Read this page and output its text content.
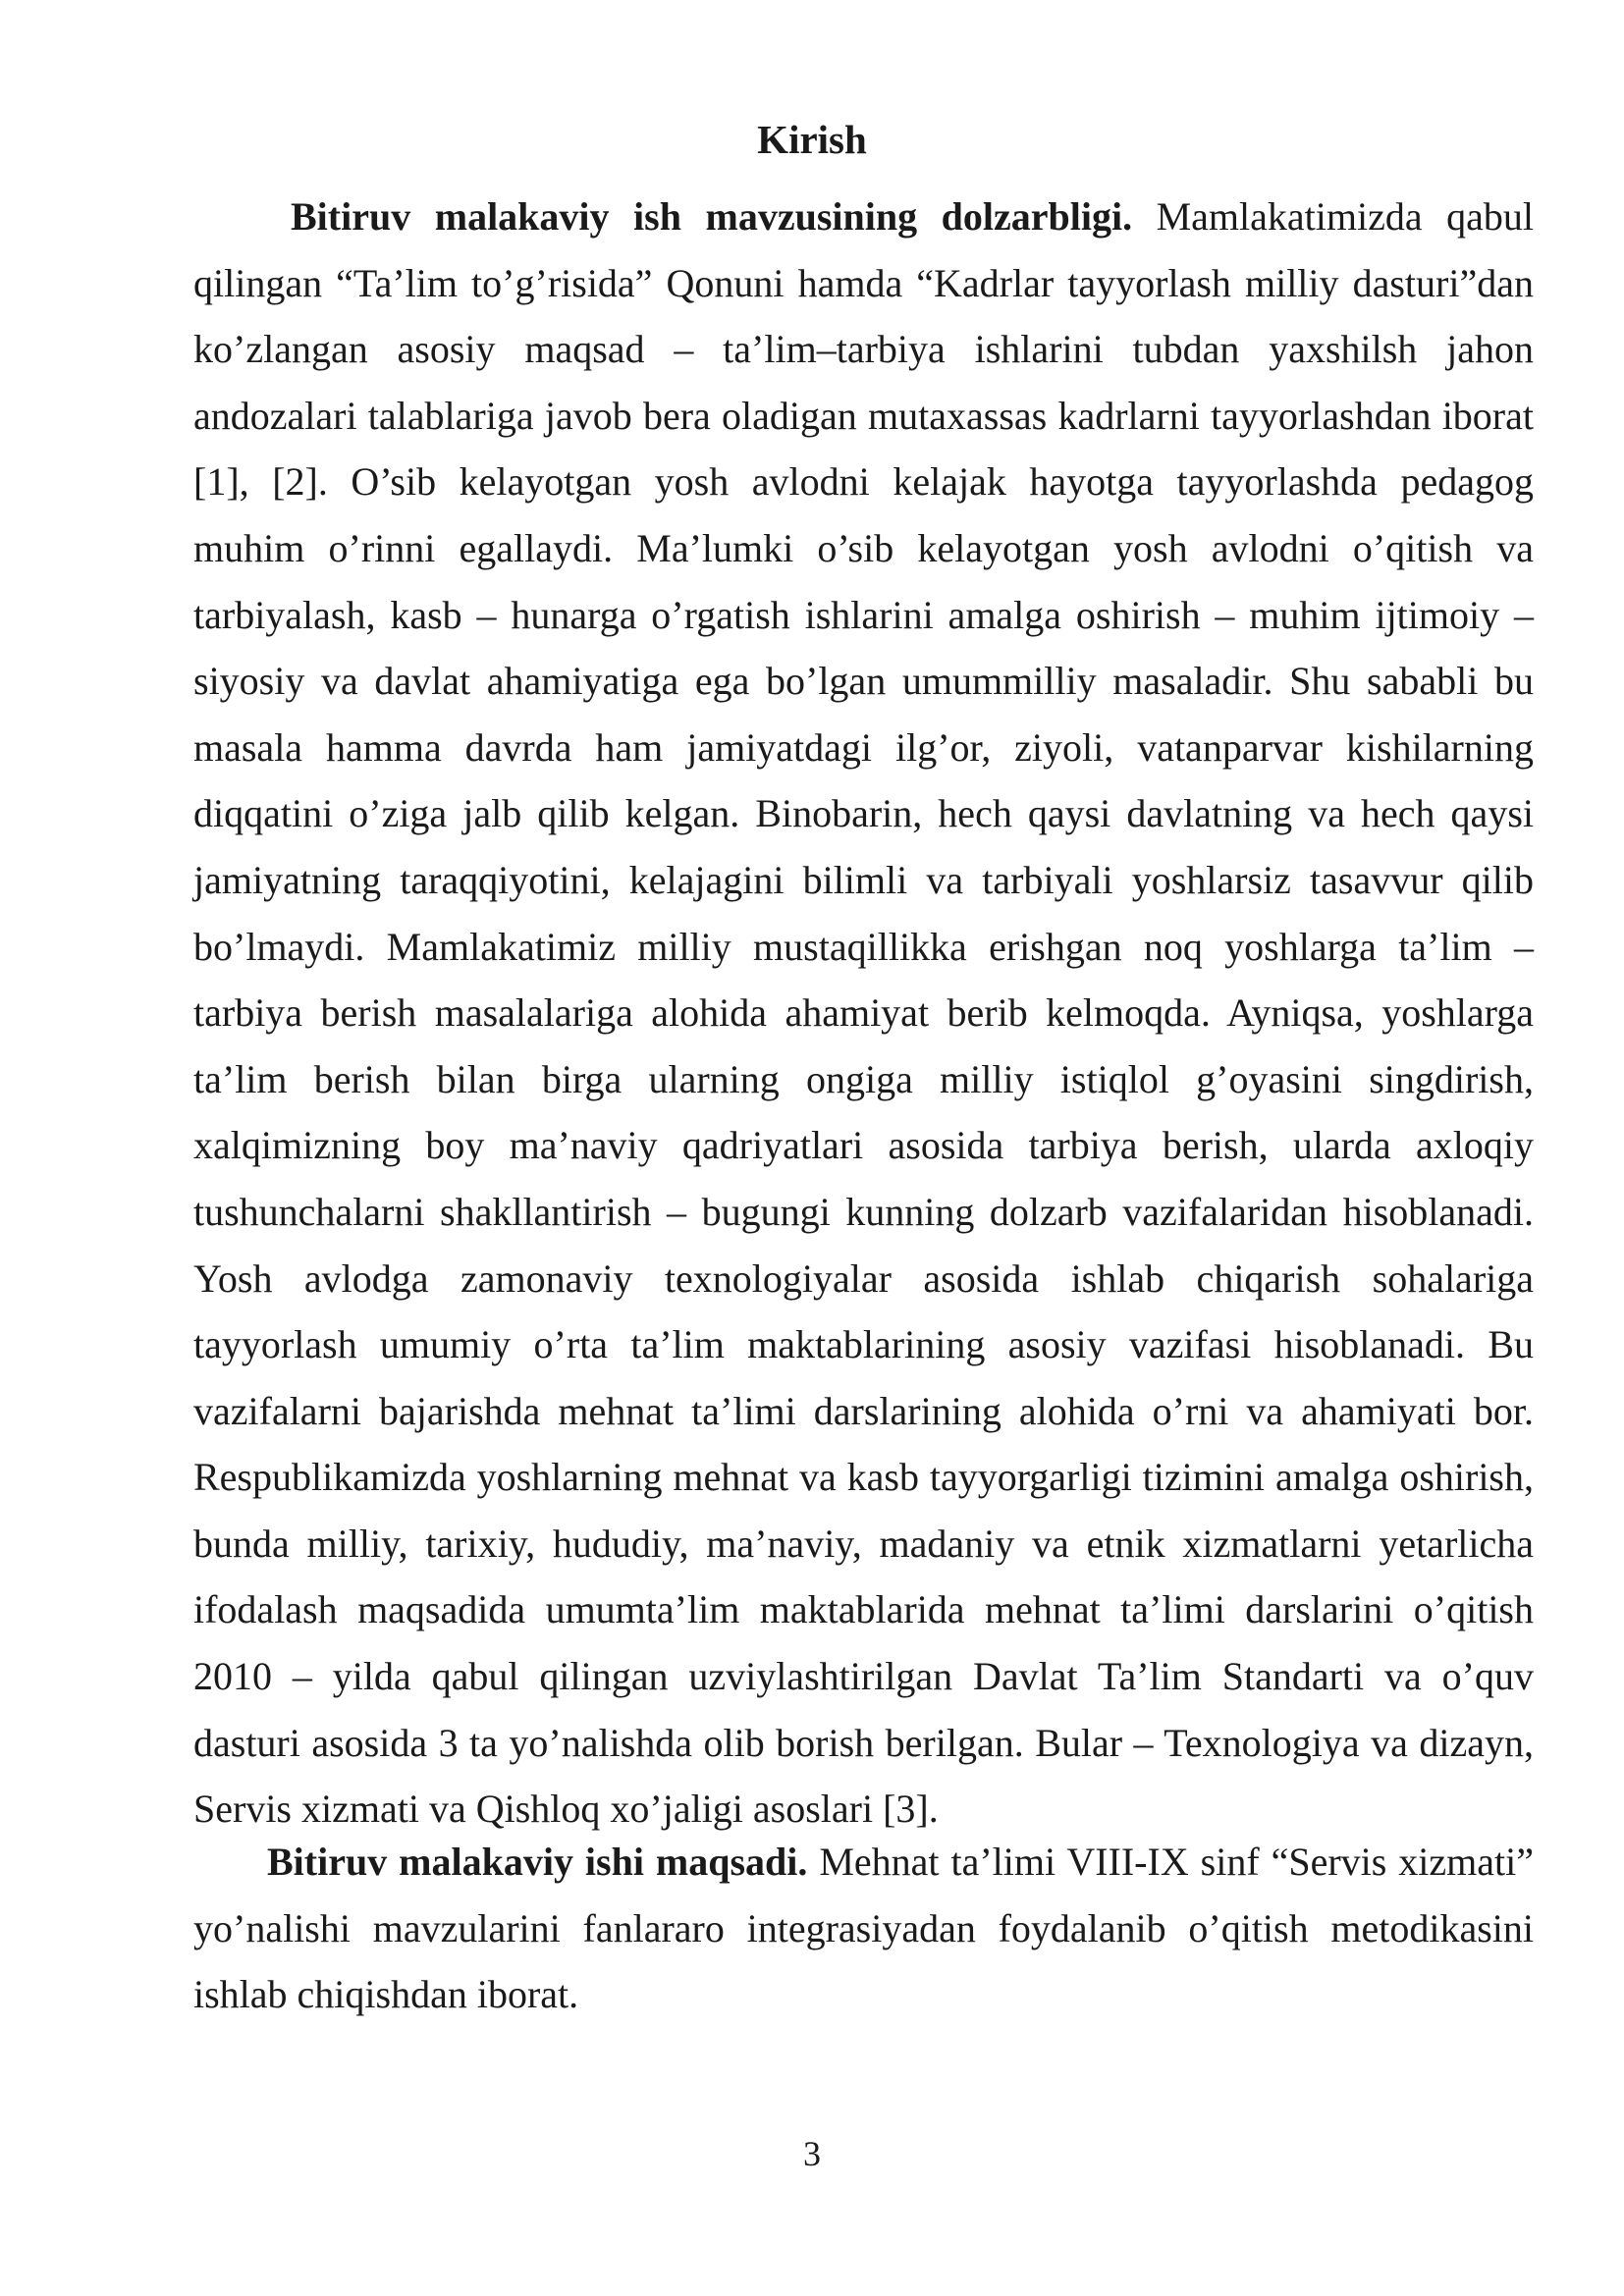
Kirish

Bitiruv malakaviy ish mavzusining dolzarbligi. Mamlakatimizda qabul qilingan “Ta’lim to’g’risida” Qonuni hamda “Kadrlar tayyorlash milliy dasturi”dan ko’zlangan asosiy maqsad – ta’lim–tarbiya ishlarini tubdan yaxshilsh jahon andozalari talablariga javob bera oladigan mutaxassas kadrlarni tayyorlashdan iborat [1], [2]. O’sib kelayotgan yosh avlodni kelajak hayotga tayyorlashda pedagog muhim o’rinni egallaydi. Ma’lumki o’sib kelayotgan yosh avlodni o’qitish va tarbiyalash, kasb – hunarga o’rgatish ishlarini amalga oshirish – muhim ijtimoiy – siyosiy va davlat ahamiyatiga ega bo’lgan umummilliy masaladir. Shu sababli bu masala hamma davrda ham jamiyatdagi ilg’or, ziyoli, vatanparvar kishilarning diqqatini o’ziga jalb qilib kelgan. Binobarin, hech qaysi davlatning va hech qaysi jamiyatning taraqqiyotini, kelajagini bilimli va tarbiyali yoshlarsiz tasavvur qilib bo’lmaydi. Mamlakatimiz milliy mustaqillikka erishgan noq yoshlarga ta’lim – tarbiya berish masalalariga alohida ahamiyat berib kelmoqda. Ayniqsa, yoshlarga ta’lim berish bilan birga ularning ongiga milliy istiqlol g’oyasini singdirish, xalqimizning boy ma’naviy qadriyatlari asosida tarbiya berish, ularda axloqiy tushunchalarni shakllantirish – bugungi kunning dolzarb vazifalaridan hisoblanadi. Yosh avlodga zamonaviy texnologiyalar asosida ishlab chiqarish sohalariga tayyorlash umumiy o’rta ta’lim maktablarining asosiy vazifasi hisoblanadi. Bu vazifalarni bajarishda mehnat ta’limi darslarining alohida o’rni va ahamiyati bor. Respublikamizda yoshlarning mehnat va kasb tayyorgarligi tizimini amalga oshirish, bunda milliy, tarixiy, hududiy, ma’naviy, madaniy va etnik xizmatlarni yetarlicha ifodalash maqsadida umumta’lim maktablarida mehnat ta’limi darslarini o’qitish 2010 – yilda qabul qilingan uzviylashtirilgan Davlat Ta’lim Standarti va o’quv dasturi asosida 3 ta yo’nalishda olib borish berilgan. Bular – Texnologiya va dizayn, Servis xizmati va Qishloq xo’jaligi asoslari [3].

Bitiruv malakaviy ishi maqsadi. Mehnat ta’limi VIII-IX sinf “Servis xizmati” yo’nalishi mavzularini fanlararo integrasiyadan foydalanib o’qitish metodikasini ishlab chiqishdan iborat.

3
